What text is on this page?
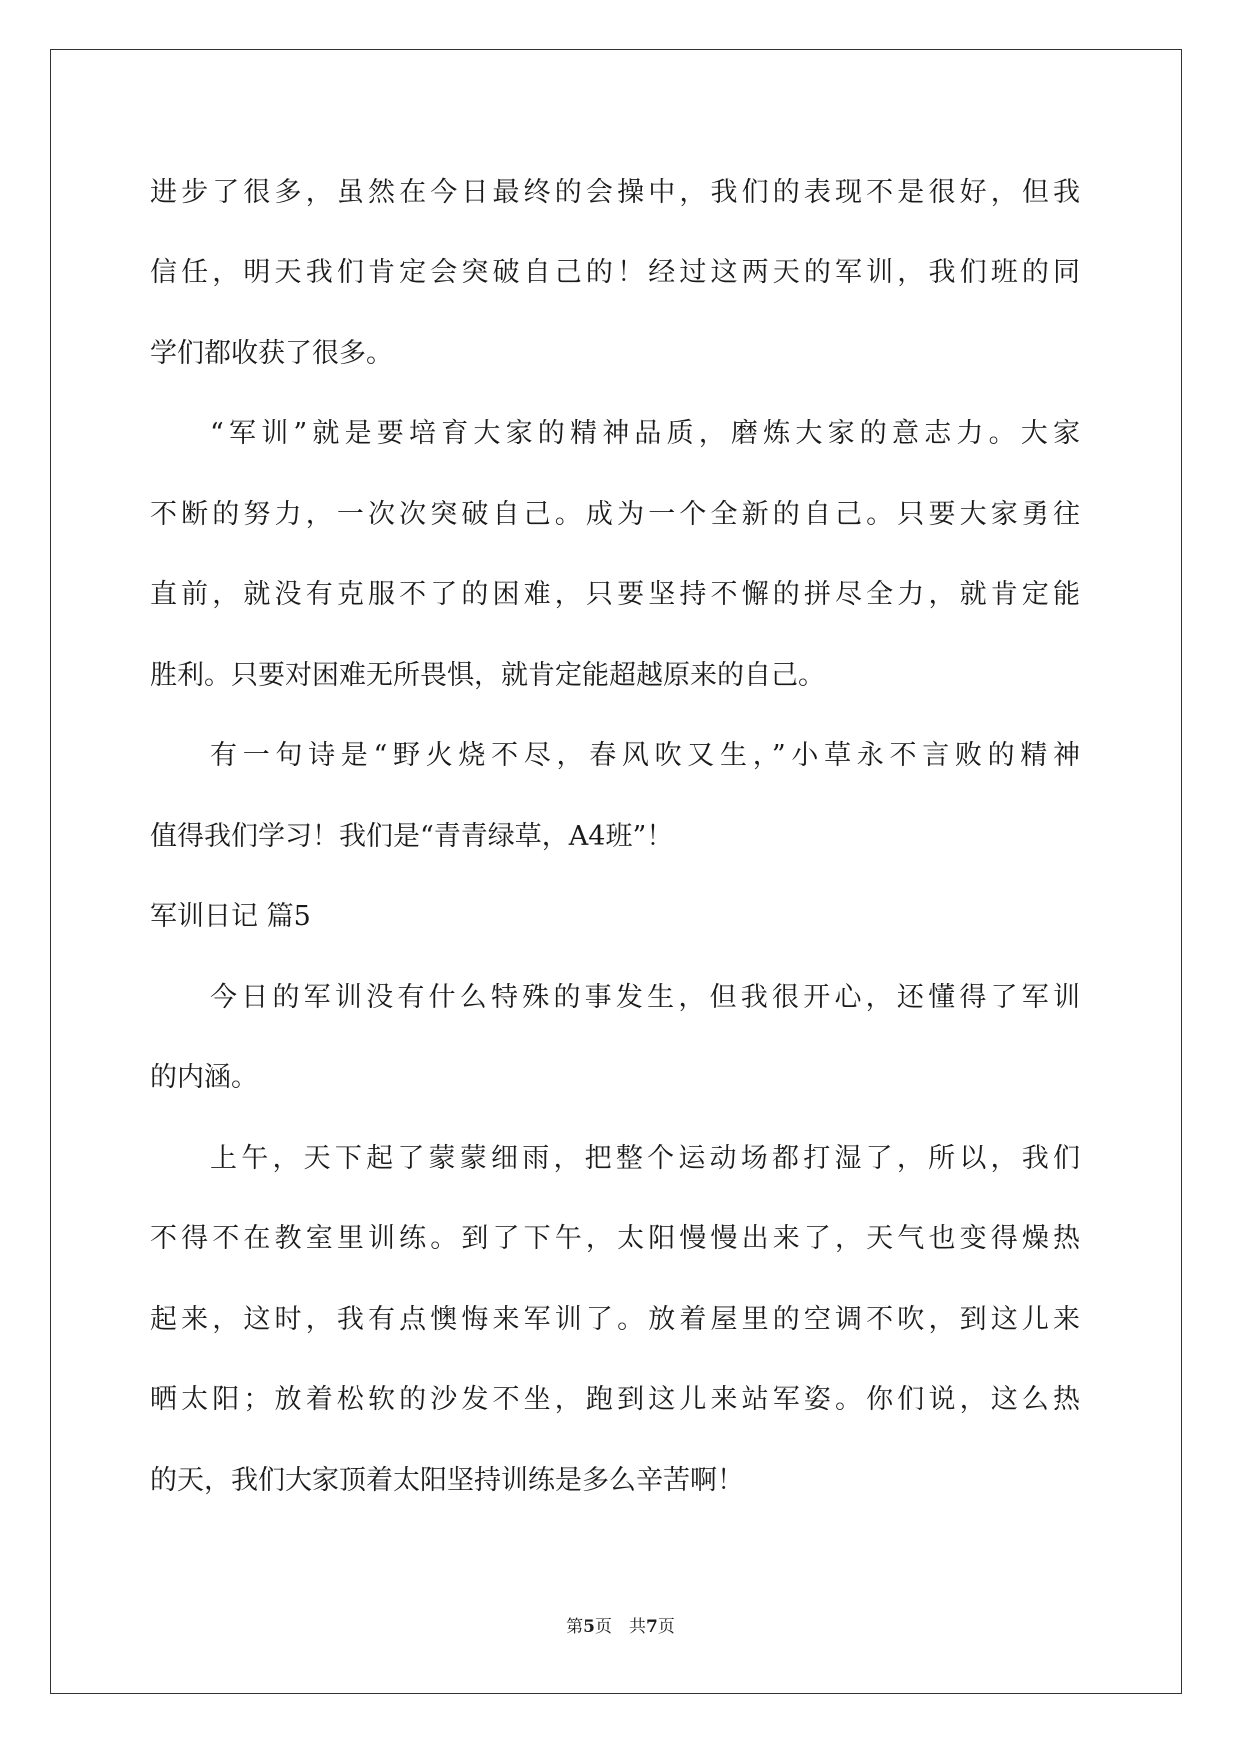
进步了很多，虽然在今日最终的会操中，我们的表现不是很好，但我
信任，明天我们肯定会突破自己的！经过这两天的军训，我们班的同
学们都收获了很多。
“军训”就是要培育大家的精神品质，磨炼大家的意志力。大家
不断的努力，一次次突破自己。成为一个全新的自己。只要大家勇往
直前，就没有克服不了的困难，只要坚持不懈的拼尽全力，就肯定能
胜利。只要对困难无所畏惧，就肯定能超越原来的自己。
有一句诗是“野火烧不尽，春风吹又生，”小草永不言败的精神
值得我们学习！我们是“青青绿草，A4班”！
军训日记 篇5
今日的军训没有什么特殊的事发生，但我很开心，还懂得了军训
的内涵。
上午，天下起了蒙蒙细雨，把整个运动场都打湿了，所以，我们
不得不在教室里训练。到了下午，太阳慢慢出来了，天气也变得燥热
起来，这时，我有点懊悔来军训了。放着屋里的空调不吹，到这儿来
晒太阳；放着松软的沙发不坐，跑到这儿来站军姿。你们说，这么热
的天，我们大家顶着太阳坚持训练是多么辛苦啊！
第5页　共7页
